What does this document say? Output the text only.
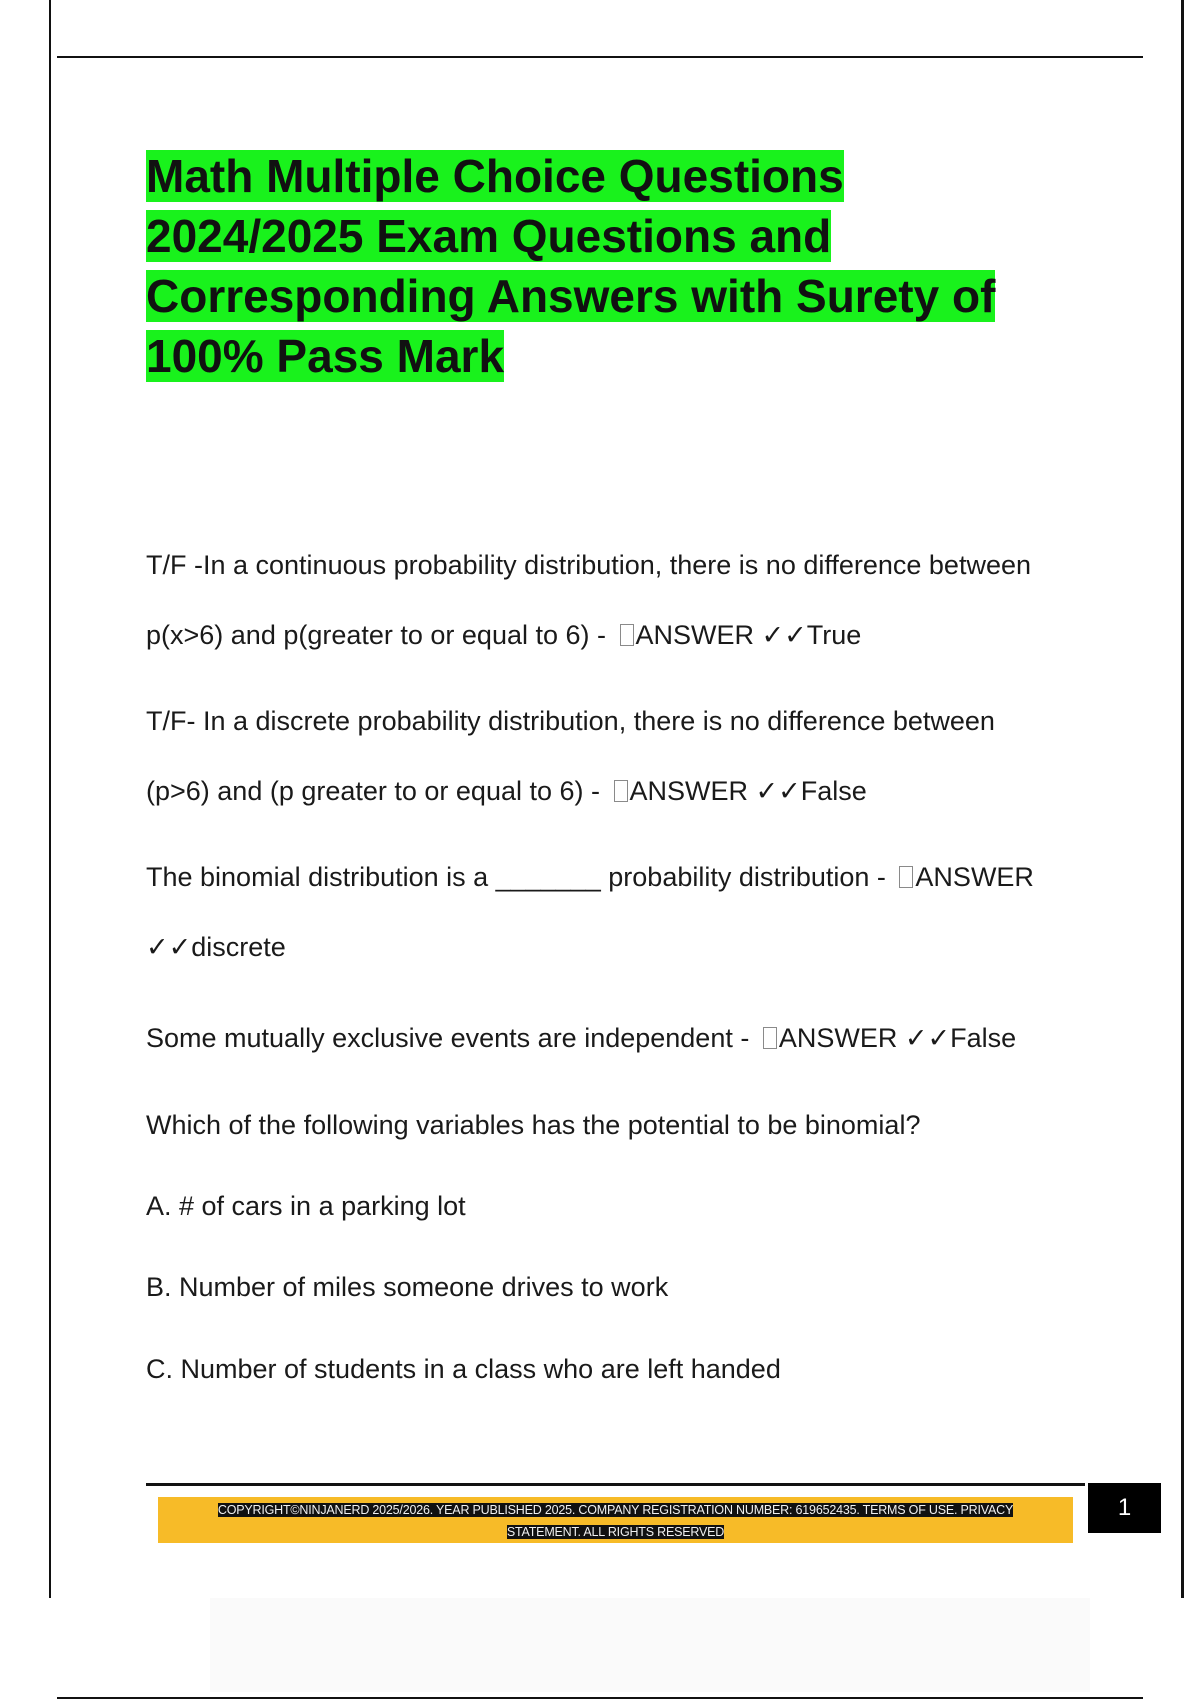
Math Multiple Choice Questions
2024/2025 Exam Questions and
Corresponding Answers with Surety of
100% Pass Mark

T/F -In a continuous probability distribution, there is no difference between

p(x>6) and p(greater to or equal to 6) - ANSWER ✓✓True

T/F- In a discrete probability distribution, there is no difference between

(p>6) and (p greater to or equal to 6) - ANSWER ✓✓False

The binomial distribution is a _______ probability distribution - ANSWER

✓✓discrete

Some mutually exclusive events are independent - ANSWER ✓✓False

Which of the following variables has the potential to be binomial?

A. # of cars in a parking lot

B. Number of miles someone drives to work

C. Number of students in a class who are left handed

COPYRIGHT©NINJANERD 2025/2026. YEAR PUBLISHED 2025. COMPANY REGISTRATION NUMBER: 619652435. TERMS OF USE. PRIVACY
STATEMENT. ALL RIGHTS RESERVED
1
